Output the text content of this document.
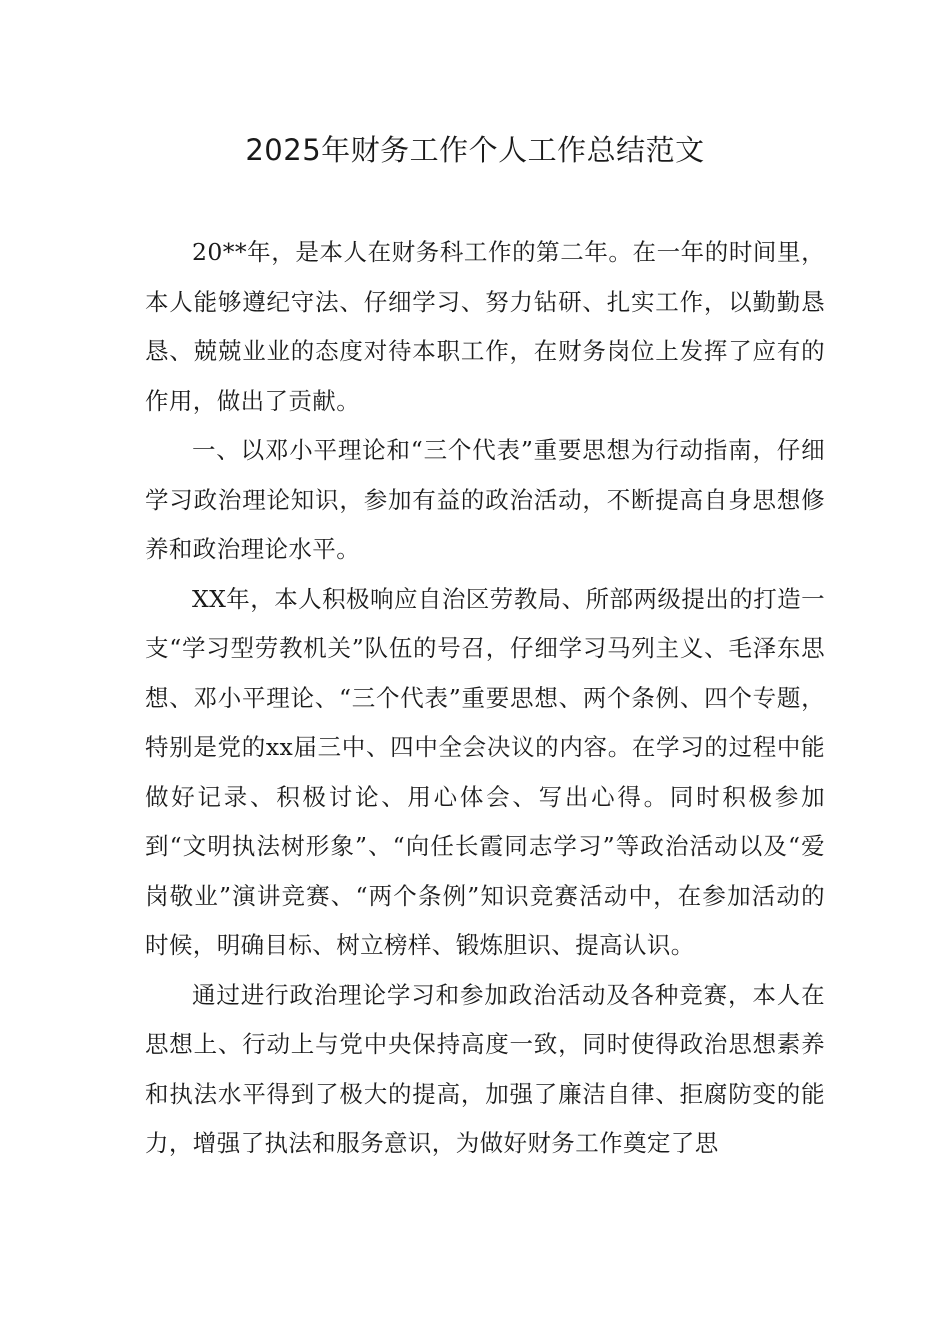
2025年财务工作个人工作总结范文

20**年，是本人在财务科工作的第二年。在一年的时间里，本人能够遵纪守法、仔细学习、努力钻研、扎实工作，以勤勤恳恳、兢兢业业的态度对待本职工作，在财务岗位上发挥了应有的作用，做出了贡献。

一、以邓小平理论和“三个代表”重要思想为行动指南，仔细学习政治理论知识，参加有益的政治活动，不断提高自身思想修养和政治理论水平。

XX年，本人积极响应自治区劳教局、所部两级提出的打造一支“学习型劳教机关”队伍的号召，仔细学习马列主义、毛泽东思想、邓小平理论、“三个代表”重要思想、两个条例、四个专题，特别是党的xx届三中、四中全会决议的内容。在学习的过程中能做好记录、积极讨论、用心体会、写出心得。同时积极参加到“文明执法树形象”、“向任长霞同志学习”等政治活动以及“爱岗敬业”演讲竞赛、“两个条例”知识竞赛活动中，在参加活动的时候，明确目标、树立榜样、锻炼胆识、提高认识。

通过进行政治理论学习和参加政治活动及各种竞赛，本人在思想上、行动上与党中央保持高度一致，同时使得政治思想素养和执法水平得到了极大的提高，加强了廉洁自律、拒腐防变的能力，增强了执法和服务意识，为做好财务工作奠定了思
